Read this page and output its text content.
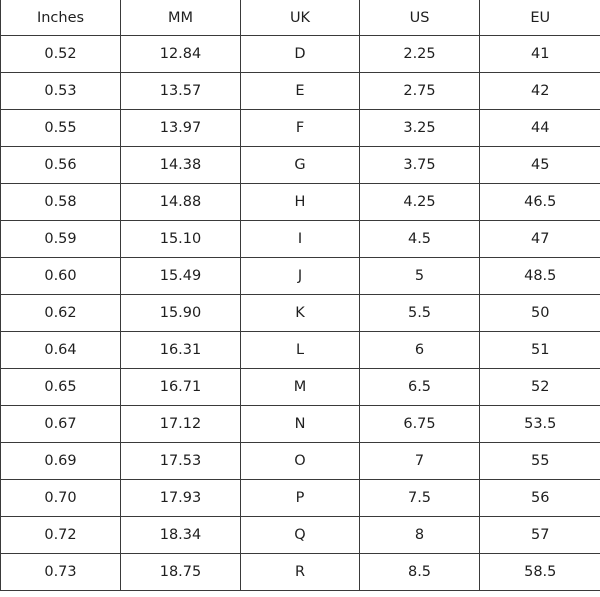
Inches	MM	UK	US	EU
0.52	12.84	D	2.25	41
0.53	13.57	E	2.75	42
0.55	13.97	F	3.25	44
0.56	14.38	G	3.75	45
0.58	14.88	H	4.25	46.5
0.59	15.10	I	4.5	47
0.60	15.49	J	5	48.5
0.62	15.90	K	5.5	50
0.64	16.31	L	6	51
0.65	16.71	M	6.5	52
0.67	17.12	N	6.75	53.5
0.69	17.53	O	7	55
0.70	17.93	P	7.5	56
0.72	18.34	Q	8	57
0.73	18.75	R	8.5	58.5
